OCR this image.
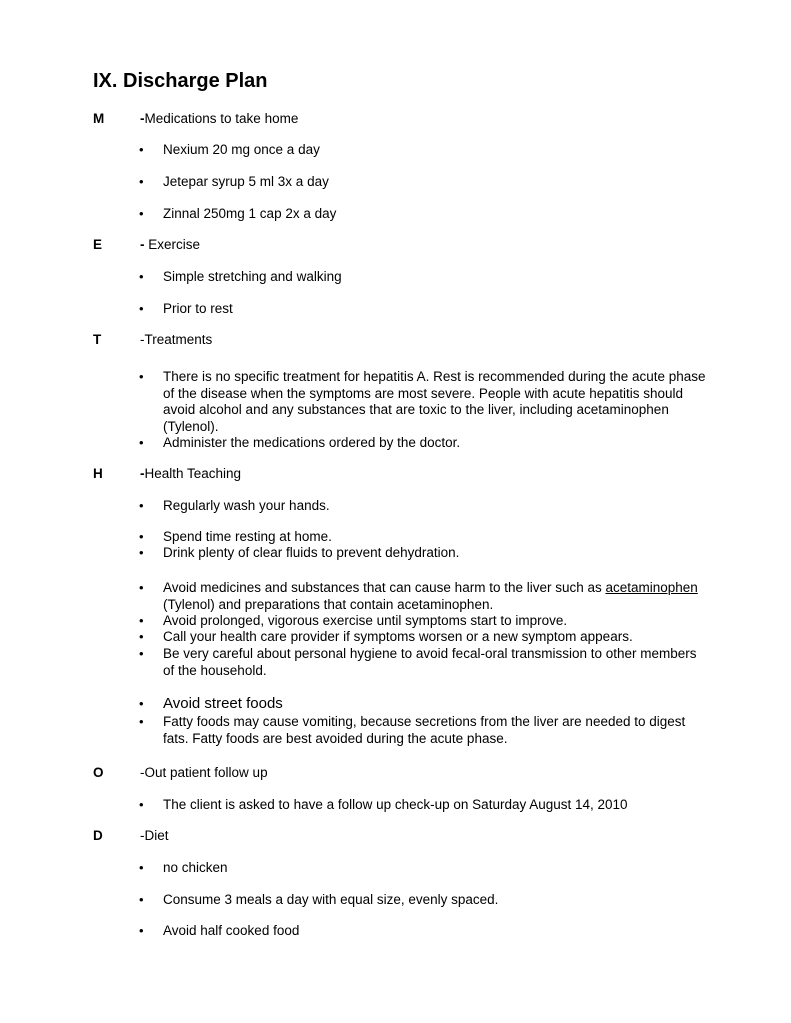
IX. Discharge Plan
M	-Medications to take home
•	Nexium 20 mg once a day
•	Jetepar syrup 5 ml 3x a day
•	Zinnal 250mg 1 cap 2x a day
E	- Exercise
•	Simple stretching and walking
•	Prior to rest
T	-Treatments
•	There is no specific treatment for hepatitis A. Rest is recommended during the acute phase of the disease when the symptoms are most severe. People with acute hepatitis should avoid alcohol and any substances that are toxic to the liver, including acetaminophen (Tylenol).
•	Administer the medications ordered by the doctor.
H	-Health Teaching
•	Regularly wash your hands.
•	Spend time resting at home.
•	Drink plenty of clear fluids to prevent dehydration.
•	Avoid medicines and substances that can cause harm to the liver such as acetaminophen (Tylenol) and preparations that contain acetaminophen.
•	Avoid prolonged, vigorous exercise until symptoms start to improve.
•	Call your health care provider if symptoms worsen or a new symptom appears.
•	Be very careful about personal hygiene to avoid fecal-oral transmission to other members of the household.
•	Avoid street foods
•	Fatty foods may cause vomiting, because secretions from the liver are needed to digest fats. Fatty foods are best avoided during the acute phase.
O	-Out patient follow up
•	The client is asked to have a follow up check-up on Saturday August 14, 2010
D	-Diet
•	no chicken
•	Consume 3 meals a day with equal size, evenly spaced.
•	Avoid half cooked food
